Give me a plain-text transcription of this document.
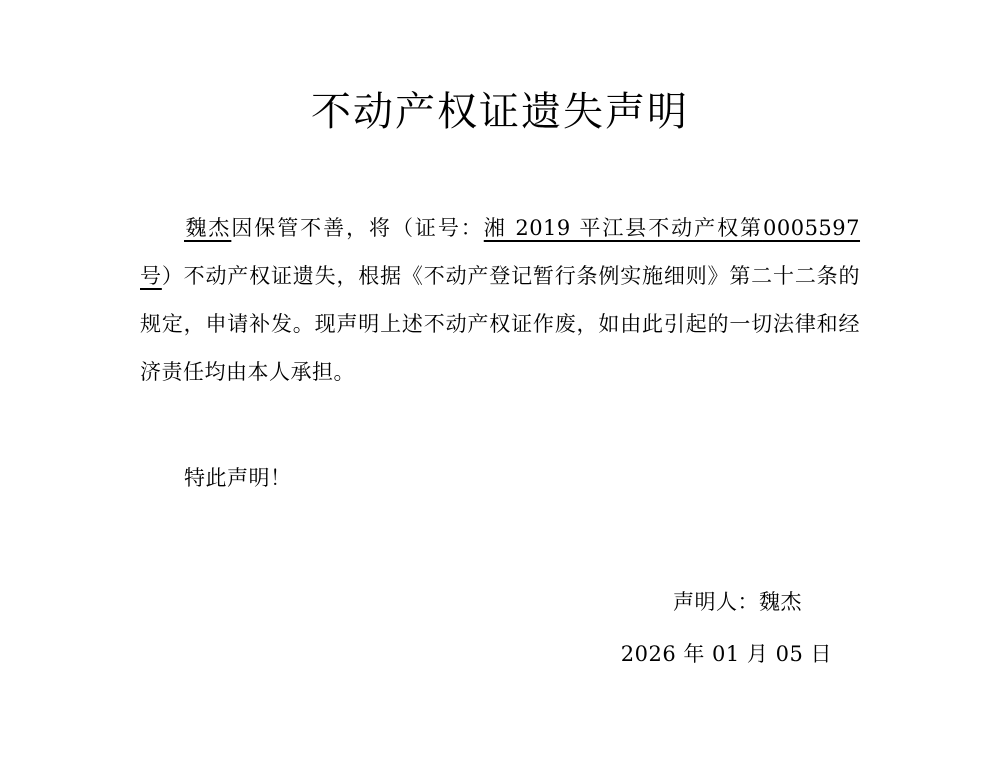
不动产权证遗失声明

魏杰因保管不善，将（证号：湘 2019 平江县不动产权第0005597 号）不动产权证遗失，根据《不动产登记暂行条例实施细则》第二十二条的规定，申请补发。现声明上述不动产权证作废，如由此引起的一切法律和经济责任均由本人承担。

特此声明！

声明人：魏杰

2026 年 01 月 05 日
